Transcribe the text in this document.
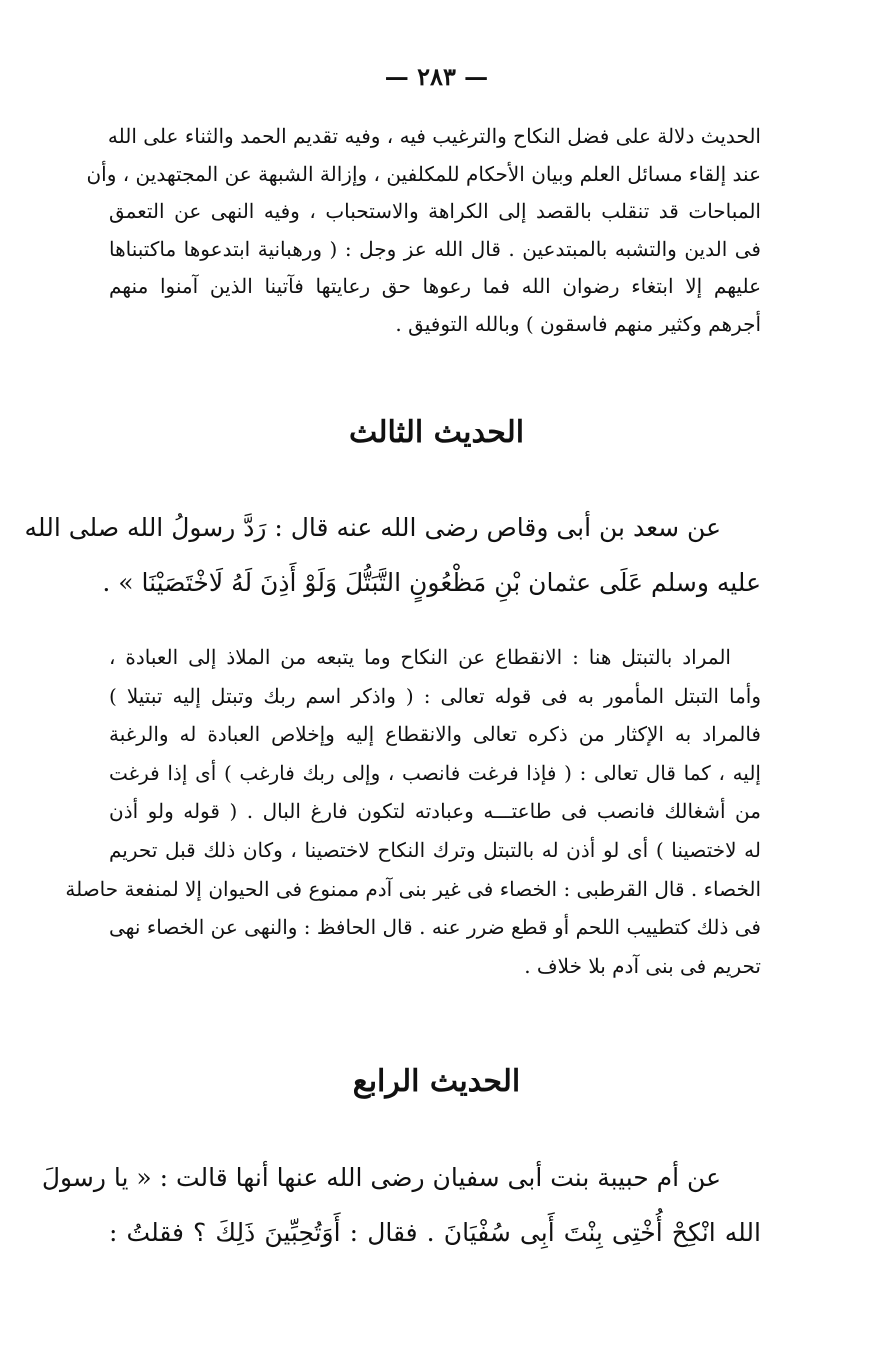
— ٢٨٣ —
الحديث دلالة على فضل النكاح والترغيب فيه ، وفيه تقديم الحمد والثناء على الله
عند إلقاء مسائل العلم وبيان الأحكام للمكلفين ، وإزالة الشبهة عن المجتهدين ، وأن
المباحات قد تنقلب بالقصد إلى الكراهة والاستحباب ، وفيه النهى عن التعمق
فى الدين والتشبه بالمبتدعين . قال الله عز وجل : ( ورهبانية ابتدعوها ماكتبناها
عليهم إلا ابتغاء رضوان الله فما رعوها حق رعايتها فآتينا الذين آمنوا منهم
أجرهم وكثير منهم فاسقون ) وبالله التوفيق .
الحديث الثالث
عن سعد بن أبى وقاص رضى الله عنه قال : رَدَّ رسولُ الله صلى الله
عليه وسلم عَلَى عثمان بْنِ مَظْعُونٍ التَّبَتُّلَ وَلَوْ أَذِنَ لَهُ لَاخْتَصَيْنَا » .
المراد بالتبتل هنا : الانقطاع عن النكاح وما يتبعه من الملاذ إلى العبادة ،
وأما التبتل المأمور به فى قوله تعالى : ( واذكر اسم ربك وتبتل إليه تبتيلا )
فالمراد به الإكثار من ذكره تعالى والانقطاع إليه وإخلاص العبادة له والرغبة
إليه ، كما قال تعالى : ( فإذا فرغت فانصب ، وإلى ربك فارغب ) أى إذا فرغت
من أشغالك فانصب فى طاعتـــه وعبادته لتكون فارغ البال . ( قوله ولو أذن
له لاختصينا ) أى لو أذن له بالتبتل وترك النكاح لاختصينا ، وكان ذلك قبل تحريم
الخصاء . قال القرطبى : الخصاء فى غير بنى آدم ممنوع فى الحيوان إلا لمنفعة حاصلة
فى ذلك كتطييب اللحم أو قطع ضرر عنه . قال الحافظ : والنهى عن الخصاء نهى
تحريم فى بنى آدم بلا خلاف .
الحديث الرابع
عن أم حبيبة بنت أبى سفيان رضى الله عنها أنها قالت : « يا رسولَ
الله انْكِحْ أُخْتِى بِنْتَ أَبِى سُفْيَانَ . فقال : أَوَتُحِبِّينَ ذَلِكَ ؟ فقلتُ :
